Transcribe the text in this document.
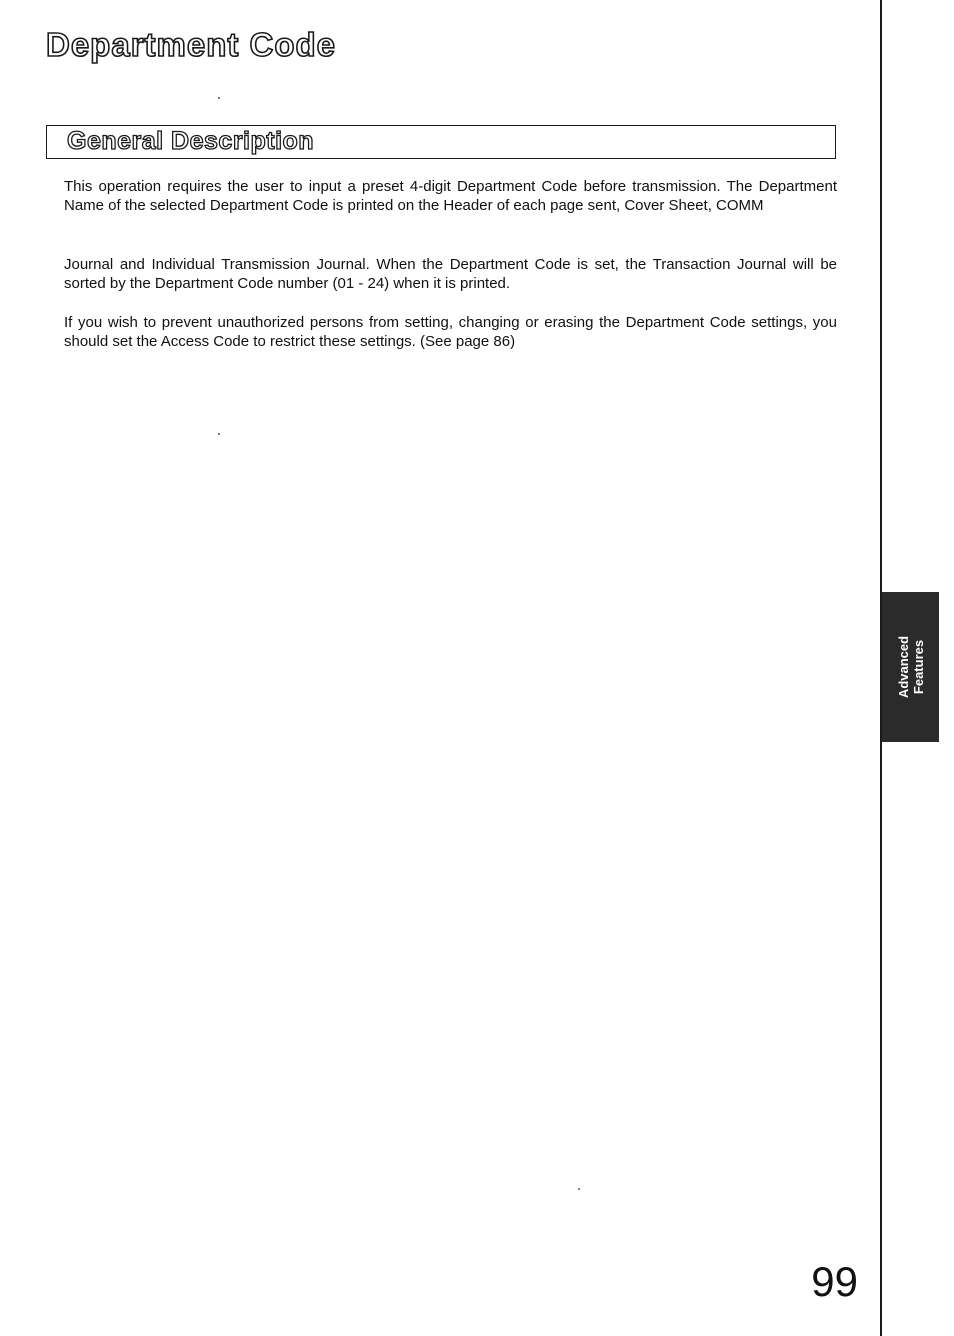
Department Code
General Description

This operation requires the user to input a preset 4-digit Department Code before transmission. The Department Name of the selected Department Code is printed on the Header of each page sent, Cover Sheet, COMM

Journal and Individual Transmission Journal. When the Department Code is set, the Transaction Journal will be sorted by the Department Code number (01 - 24) when it is printed.

If you wish to prevent unauthorized persons from setting, changing or erasing the Department Code settings, you should set the Access Code to restrict these settings. (See page 86)

Advanced Features
99
